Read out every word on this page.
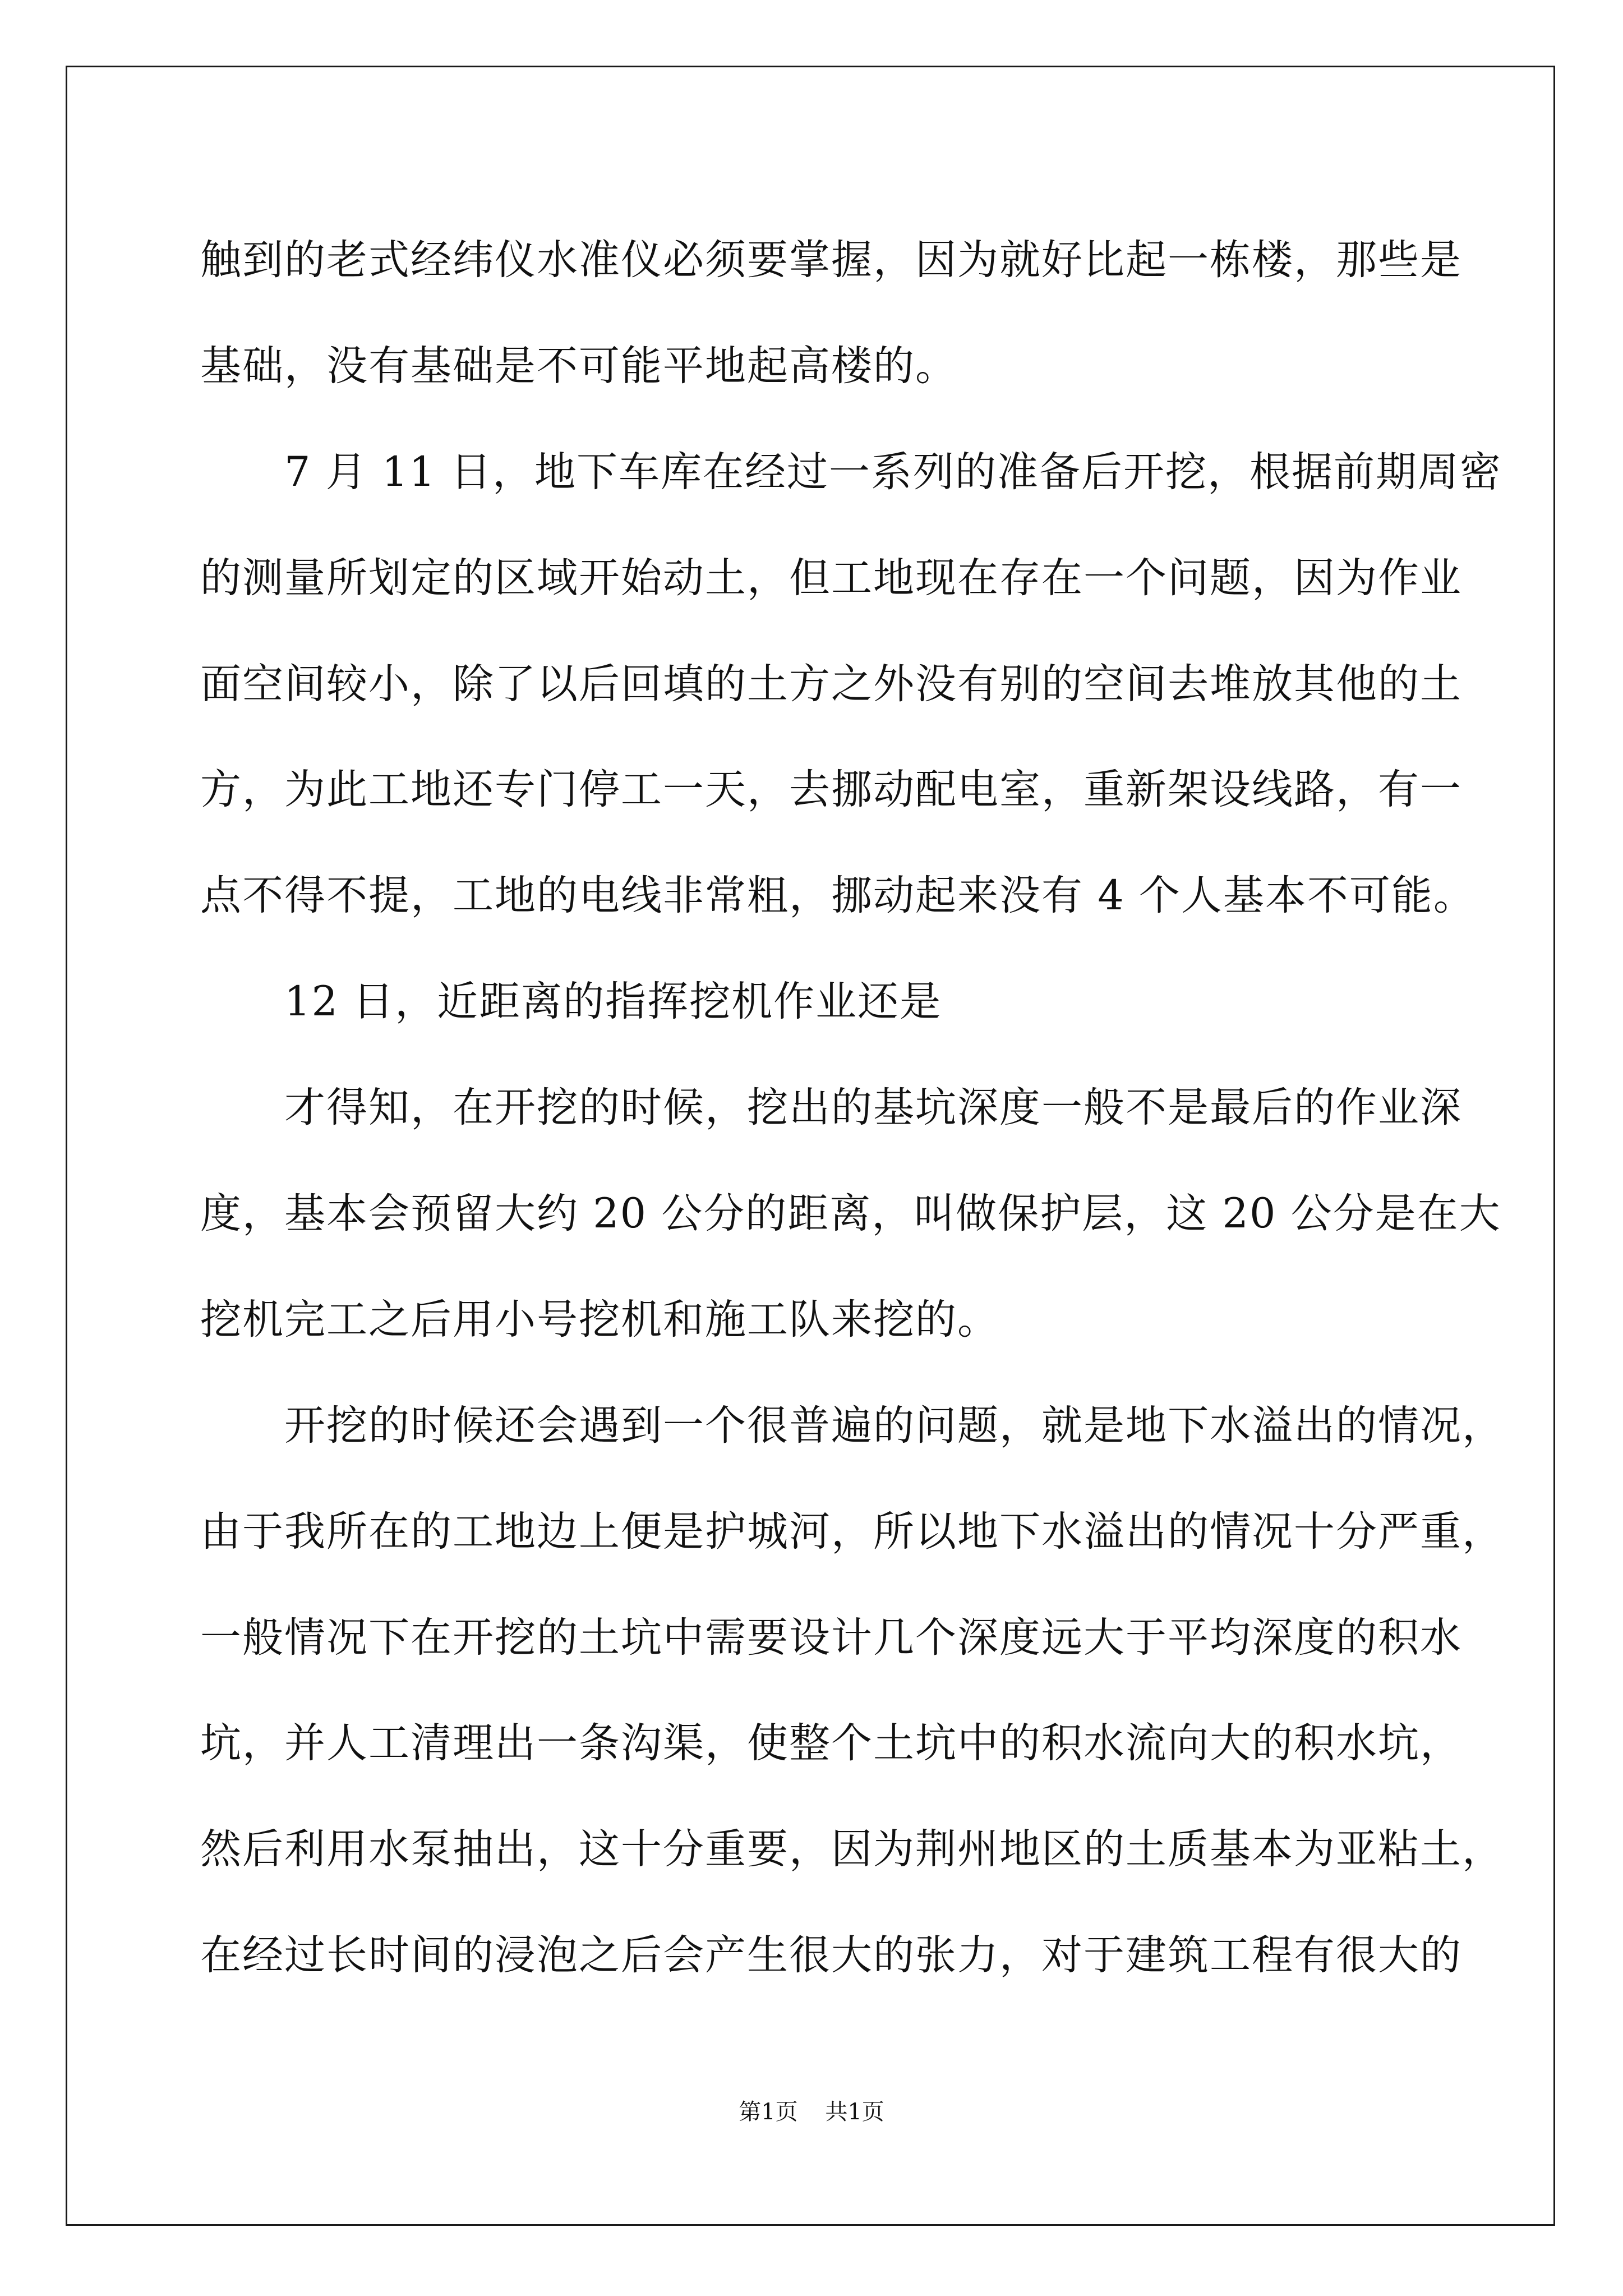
触到的老式经纬仪水准仪必须要掌握，因为就好比起一栋楼，那些是
基础，没有基础是不可能平地起高楼的。
　　7 月 11 日，地下车库在经过一系列的准备后开挖，根据前期周密
的测量所划定的区域开始动土，但工地现在存在一个问题，因为作业
面空间较小，除了以后回填的土方之外没有别的空间去堆放其他的土
方，为此工地还专门停工一天，去挪动配电室，重新架设线路，有一
点不得不提，工地的电线非常粗，挪动起来没有 4 个人基本不可能。
　　12 日，近距离的指挥挖机作业还是
　　才得知，在开挖的时候，挖出的基坑深度一般不是最后的作业深
度，基本会预留大约 20 公分的距离，叫做保护层，这 20 公分是在大
挖机完工之后用小号挖机和施工队来挖的。
　　开挖的时候还会遇到一个很普遍的问题，就是地下水溢出的情况，
由于我所在的工地边上便是护城河，所以地下水溢出的情况十分严重，
一般情况下在开挖的土坑中需要设计几个深度远大于平均深度的积水
坑，并人工清理出一条沟渠，使整个土坑中的积水流向大的积水坑，
然后利用水泵抽出，这十分重要，因为荆州地区的土质基本为亚粘土，
在经过长时间的浸泡之后会产生很大的张力，对于建筑工程有很大的
第1页 共1页
